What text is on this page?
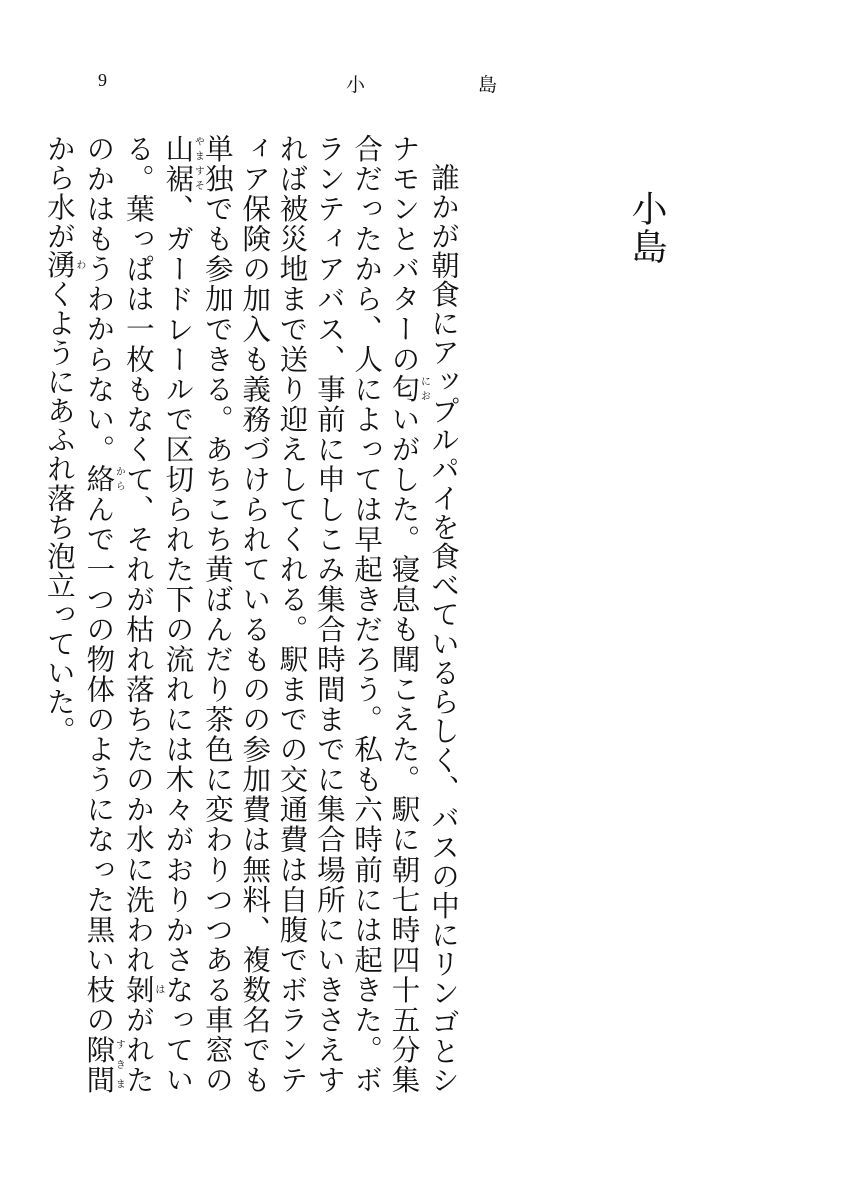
9	小	島
小島

誰かが朝食にアップルパイを食べているらしく、バスの中にリンゴとシナモンとバターの匂においがした。寝息も聞こえた。駅に朝七時四十五分集合だったから、人によっては早起きだろう。私も六時前には起きた。ボランティアバス、事前に申しこみ集合時間までに集合場所にいきさえすれば被災地まで送り迎えしてくれる。駅までの交通費は自腹でボランティア保険の加入も義務づけられているものの参加費は無料、複数名でも単独でも参加できる。あちこち黄ばんだり茶色に変わりつつある車窓の山裾やますそ、ガードレールで区切られた下の流れには木々がおりかさなっている。葉っぱは一枚もなくて、それが枯れ落ちたのか水に洗われ剝はがれたのかはもうわからない。絡からんで一つの物体のようになった黒い枝の隙間すきまから水が湧わくようにあふれ落ち泡立っていた。
